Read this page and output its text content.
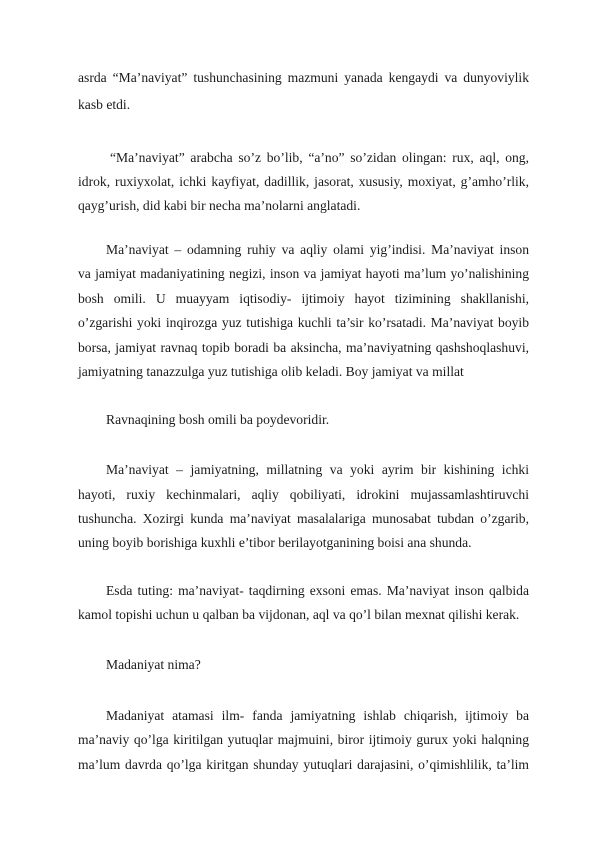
asrda “Ma’naviyat” tushunchasining mazmuni yanada kengaydi va dunyoviylik
kasb etdi.
“Ma’naviyat” arabcha so’z bo’lib, “a’no” so’zidan olingan: rux, aql, ong,
idrok, ruxiyxolat, ichki kayfiyat, dadillik, jasorat, xususiy, moxiyat, g’amho’rlik,
qayg’urish, did kabi bir necha ma’nolarni anglatadi.
Ma’naviyat – odamning ruhiy va aqliy olami yig’indisi. Ma’naviyat inson
va jamiyat madaniyatining negizi, inson va jamiyat hayoti ma’lum yo’nalishining
bosh omili. U muayyam iqtisodiy- ijtimoiy hayot tizimining shakllanishi,
o’zgarishi yoki inqirozga yuz tutishiga kuchli ta’sir ko’rsatadi. Ma’naviyat boyib
borsa, jamiyat ravnaq topib boradi ba aksincha, ma’naviyatning qashshoqlashuvi,
jamiyatning tanazzulga yuz tutishiga olib keladi. Boy jamiyat va millat
Ravnaqining bosh omili ba poydevoridir.
Ma’naviyat – jamiyatning, millatning va yoki ayrim bir kishining ichki
hayoti, ruxiy kechinmalari, aqliy qobiliyati, idrokini mujassamlashtiruvchi
tushuncha. Xozirgi kunda ma’naviyat masalalariga munosabat tubdan o’zgarib,
uning boyib borishiga kuxhli e’tibor berilayotganining boisi ana shunda.
Esda tuting: ma’naviyat- taqdirning exsoni emas. Ma’naviyat inson qalbida
kamol topishi uchun u qalban ba vijdonan, aql va qo’l bilan mexnat qilishi kerak.
Madaniyat nima?
Madaniyat atamasi ilm- fanda jamiyatning ishlab chiqarish, ijtimoiy ba
ma’naviy qo’lga kiritilgan yutuqlar majmuini, biror ijtimoiy gurux yoki halqning
ma’lum davrda qo’lga kiritgan shunday yutuqlari darajasini, o’qimishlilik, ta’lim
